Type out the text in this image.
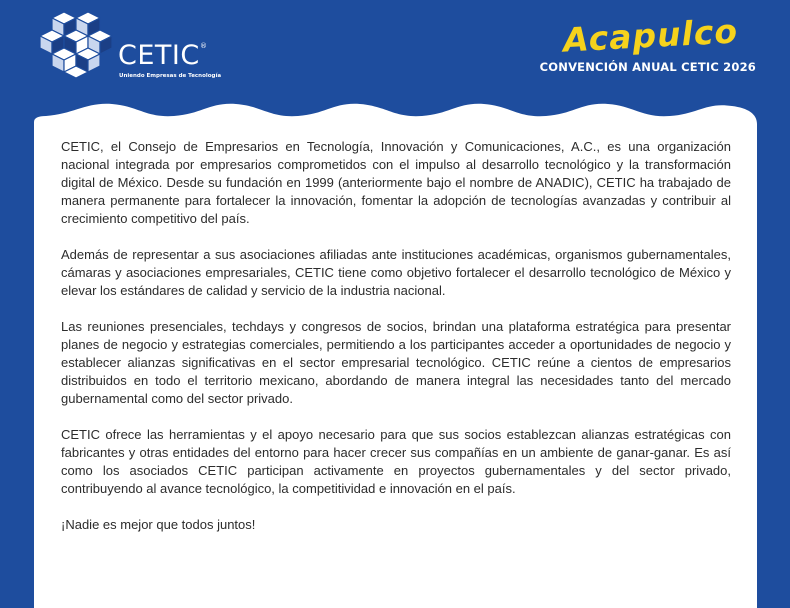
CETIC ®
Uniendo Empresas de Tecnología
Acapulco
CONVENCIÓN ANUAL CETIC 2026

CETIC, el Consejo de Empresarios en Tecnología, Innovación y Comunicaciones, A.C., es una organización nacional integrada por empresarios comprometidos con el impulso al desarrollo tecnológico y la transformación digital de México. Desde su fundación en 1999 (anteriormente bajo el nombre de ANADIC), CETIC ha trabajado de manera permanente para fortalecer la innovación, fomentar la adopción de tecnologías avanzadas y contribuir al crecimiento competitivo del país.

Además de representar a sus asociaciones afiliadas ante instituciones académicas, organismos gubernamentales, cámaras y asociaciones empresariales, CETIC tiene como objetivo fortalecer el desarrollo tecnológico de México y elevar los estándares de calidad y servicio de la industria nacional.

Las reuniones presenciales, techdays y congresos de socios, brindan una plataforma estratégica para presentar planes de negocio y estrategias comerciales, permitiendo a los participantes acceder a oportunidades de negocio y establecer alianzas significativas en el sector empresarial tecnológico. CETIC reúne a cientos de empresarios distribuidos en todo el territorio mexicano, abordando de manera integral las necesidades tanto del mercado gubernamental como del sector privado.

CETIC ofrece las herramientas y el apoyo necesario para que sus socios establezcan alianzas estratégicas con fabricantes y otras entidades del entorno para hacer crecer sus compañías en un ambiente de ganar-ganar. Es así como los asociados CETIC participan activamente en proyectos gubernamentales y del sector privado, contribuyendo al avance tecnológico, la competitividad e innovación en el país.

¡Nadie es mejor que todos juntos!
